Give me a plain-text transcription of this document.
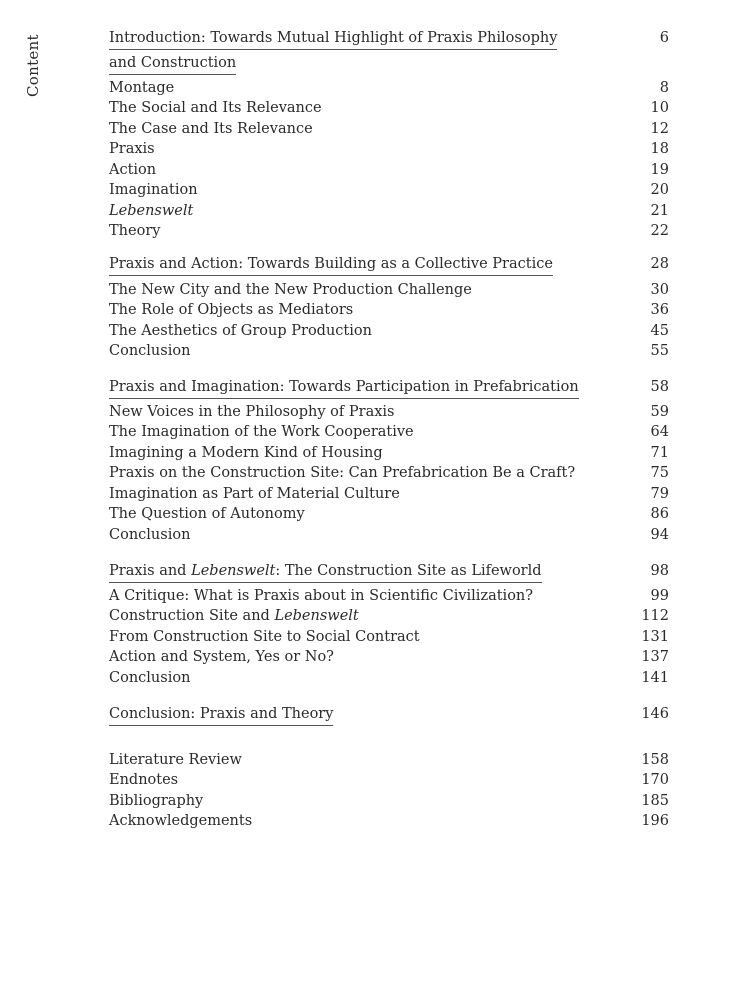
Content	Introduction: Towards Mutual Highlight of Praxis Philosophy	6
and Construction
Montage	8
The Social and Its Relevance	10
The Case and Its Relevance	12
Praxis	18
Action	19
Imagination	20
Lebenswelt	21
Theory	22
Praxis and Action: Towards Building as a Collective Practice	28
The New City and the New Production Challenge	30
The Role of Objects as Mediators	36
The Aesthetics of Group Production	45
Conclusion	55
Praxis and Imagination: Towards Participation in Prefabrication	58
New Voices in the Philosophy of Praxis	59
The Imagination of the Work Cooperative	64
Imagining a Modern Kind of Housing	71
Praxis on the Construction Site: Can Prefabrication Be a Craft?	75
Imagination as Part of Material Culture	79
The Question of Autonomy	86
Conclusion	94
Praxis and Lebenswelt: The Construction Site as Lifeworld	98
A Critique: What is Praxis about in Scientific Civilization?	99
Construction Site and Lebenswelt	112
From Construction Site to Social Contract	131
Action and System, Yes or No?	137
Conclusion	141
Conclusion: Praxis and Theory	146
Literature Review	158
Endnotes	170
Bibliography	185
Acknowledgements	196
